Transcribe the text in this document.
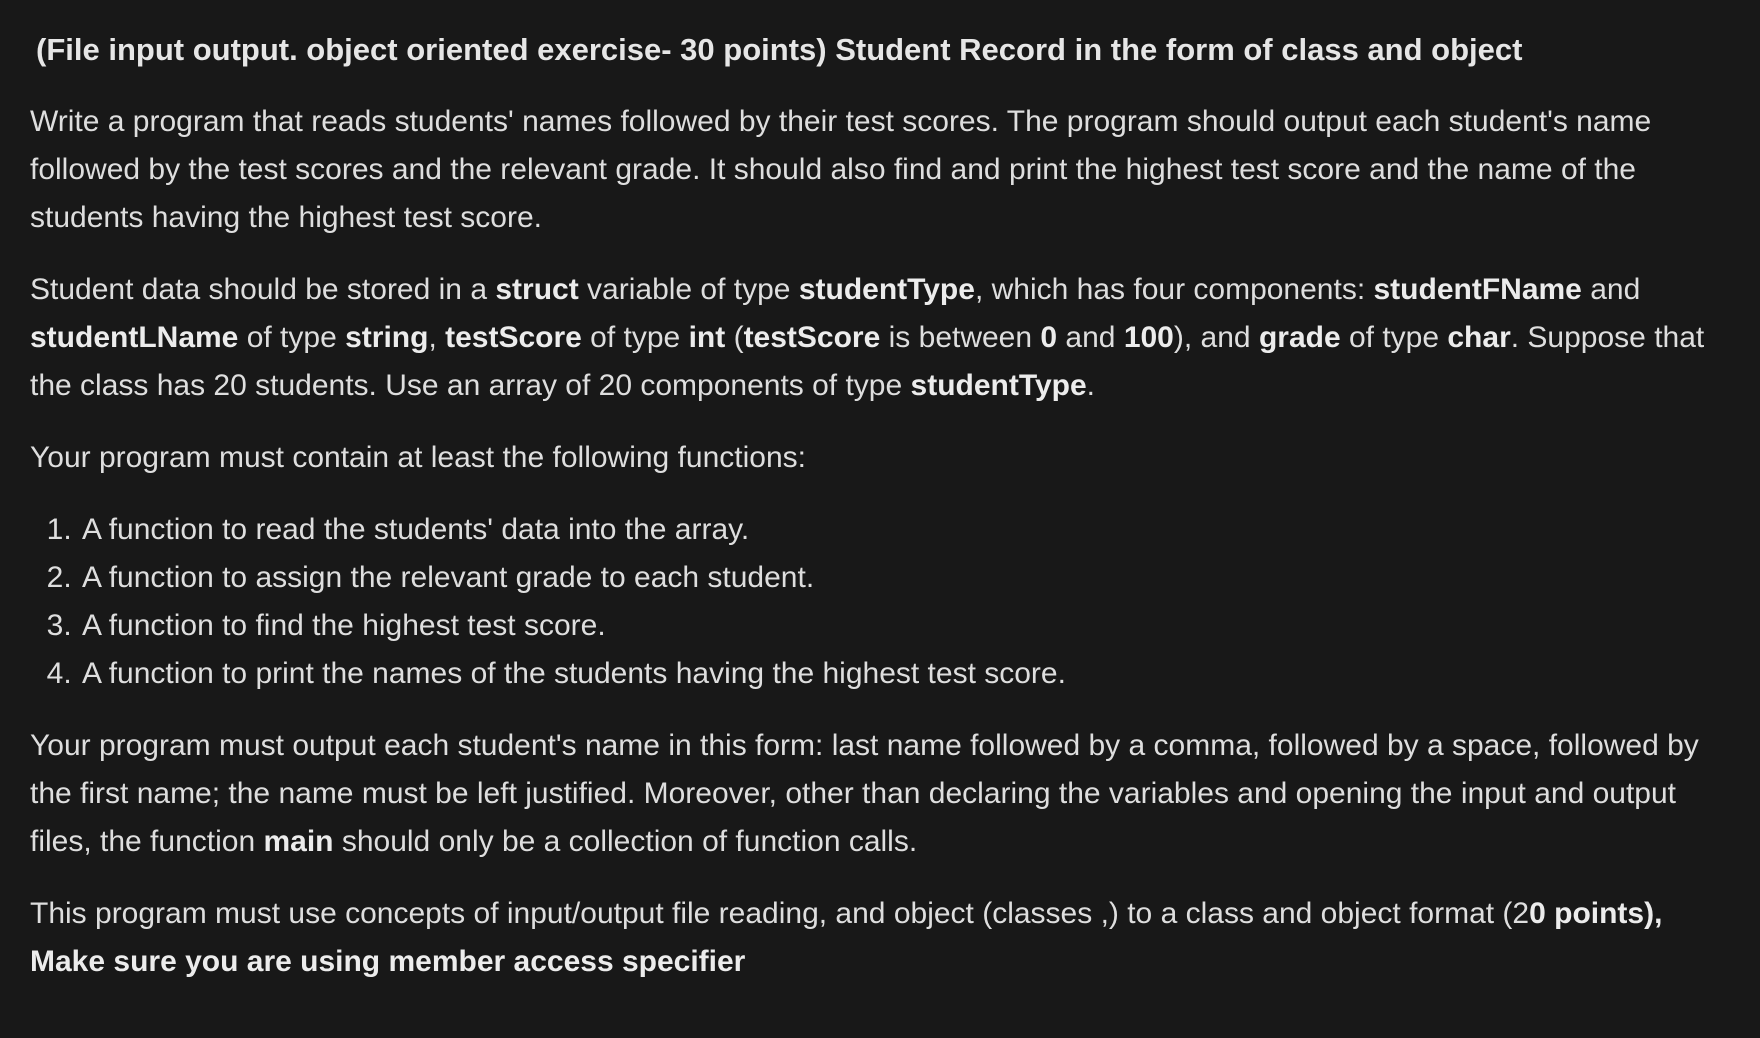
(File input output. object oriented exercise- 30 points) Student Record in the form of class and object

Write a program that reads students' names followed by their test scores. The program should output each student's name followed by the test scores and the relevant grade. It should also find and print the highest test score and the name of the students having the highest test score.

Student data should be stored in a struct variable of type studentType, which has four components: studentFName and studentLName of type string, testScore of type int (testScore is between 0 and 100), and grade of type char. Suppose that the class has 20 students. Use an array of 20 components of type studentType.

Your program must contain at least the following functions:

1. A function to read the students' data into the array.
2. A function to assign the relevant grade to each student.
3. A function to find the highest test score.
4. A function to print the names of the students having the highest test score.

Your program must output each student's name in this form: last name followed by a comma, followed by a space, followed by the first name; the name must be left justified. Moreover, other than declaring the variables and opening the input and output files, the function main should only be a collection of function calls.

This program must use concepts of input/output file reading, and object (classes ,) to a class and object format (20 points), Make sure you are using member access specifier
